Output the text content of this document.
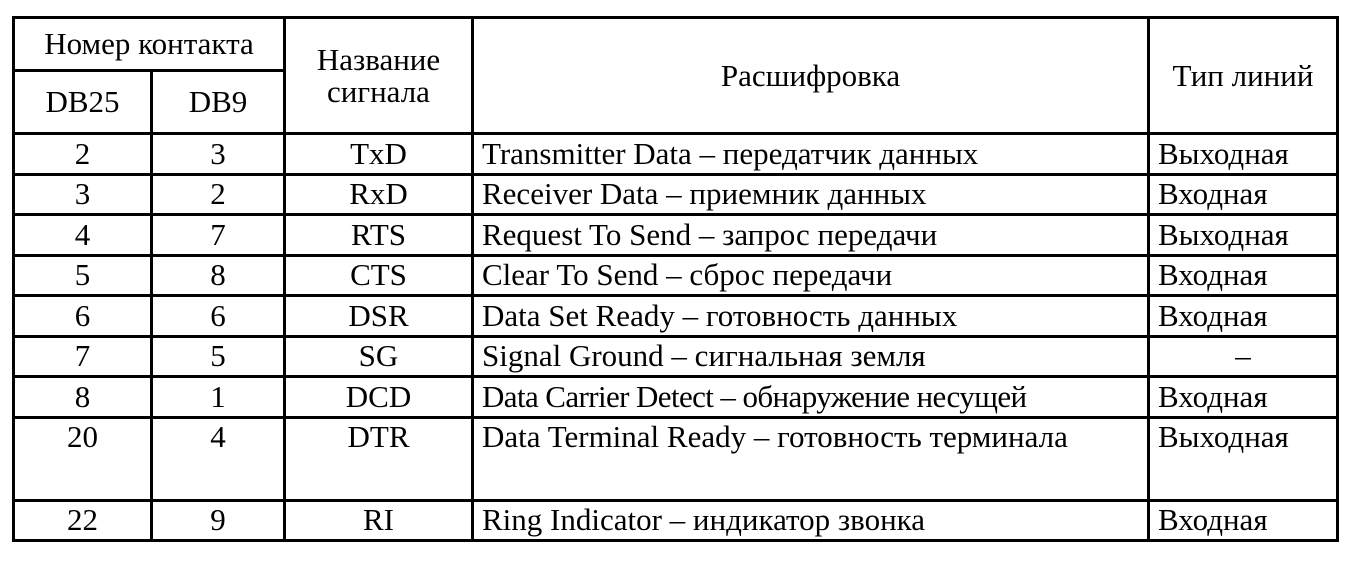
Номер контакта		Название сигнала	Расшифровка	Тип линий
DB25	DB9			
2	3	TxD	Transmitter Data – передатчик данных	Выходная
3	2	RxD	Receiver Data – приемник данных	Входная
4	7	RTS	Request To Send – запрос передачи	Выходная
5	8	CTS	Clear To Send – сброс передачи	Входная
6	6	DSR	Data Set Ready – готовность данных	Входная
7	5	SG	Signal Ground – сигнальная земля	–
8	1	DCD	Data Carrier Detect – обнаружение несущей	Входная
20	4	DTR	Data Terminal Ready – готовность терминала	Выходная
22	9	RI	Ring Indicator – индикатор звонка	Входная
